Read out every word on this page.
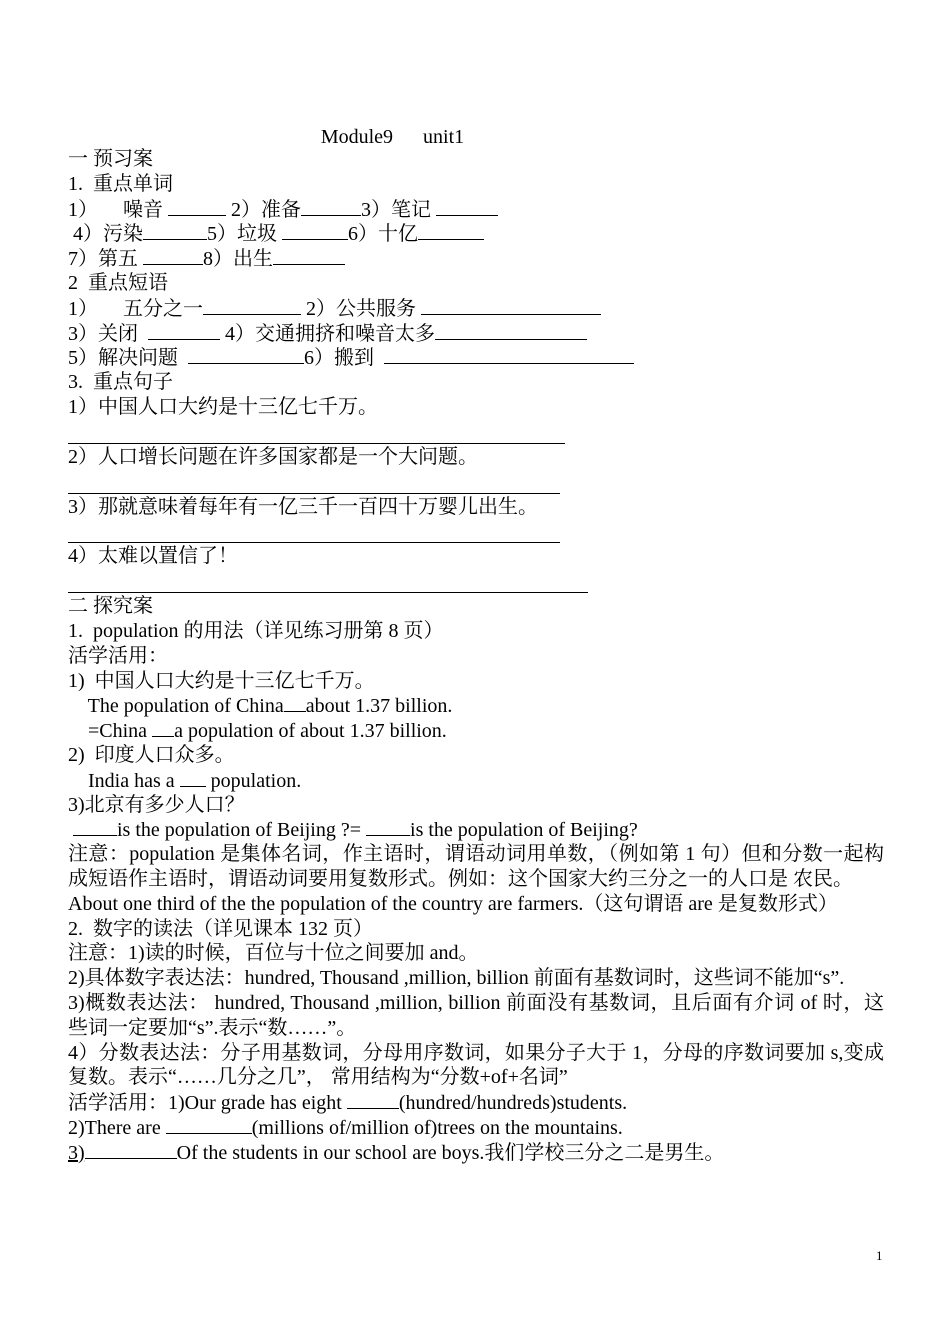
Module9      unit1
一 预习案
1.  重点单词
1）     噪音	2）准备	3）笔记
4）污染	5）垃圾	6）十亿
7）第五	8）出生
2  重点短语
1）     五分之一	2）公共服务
3）关闭	4）交通拥挤和噪音太多
5）解决问题	6）搬到
3.  重点句子
1）中国人口大约是十三亿七千万。
2）人口增长问题在许多国家都是一个大问题。
3）那就意味着每年有一亿三千一百四十万婴儿出生。
4）太难以置信了！
二 探究案
1.  population 的用法（详见练习册第 8 页）
活学活用：
1)  中国人口大约是十三亿七千万。
The population of China about 1.37 billion.
=China a population of about 1.37 billion.
2)  印度人口众多。
India has a  population.
3)北京有多少人口？
is the population of Beijing ?= is the population of Beijing?
注意：population 是集体名词，作主语时，谓语动词用单数，（例如第 1 句）但和分数一起构成短语作主语时，谓语动词要用复数形式。例如：这个国家大约三分之一的人口是 农民。
About one third of the the population of the country are farmers.（这句谓语 are 是复数形式）
2.  数字的读法（详见课本 132 页）
注意：1)读的时候，百位与十位之间要加 and。
2)具体数字表达法：hundred, Thousand ,million, billion 前面有基数词时，这些词不能加“s”.
3)概数表达法： hundred, Thousand ,million, billion 前面没有基数词，且后面有介词 of 时，这些词一定要加“s”.表示“数……”。
4）分数表达法：分子用基数词，分母用序数词，如果分子大于 1，分母的序数词要加 s,变成复数。表示“……几分之几”， 常用结构为“分数+of+名词”
活学活用：1)Our grade has eight	(hundred/hundreds)students.
2)There are	(millions of/million of)trees on the mountains.
3)	Of the students in our school are boys.我们学校三分之二是男生。
1
